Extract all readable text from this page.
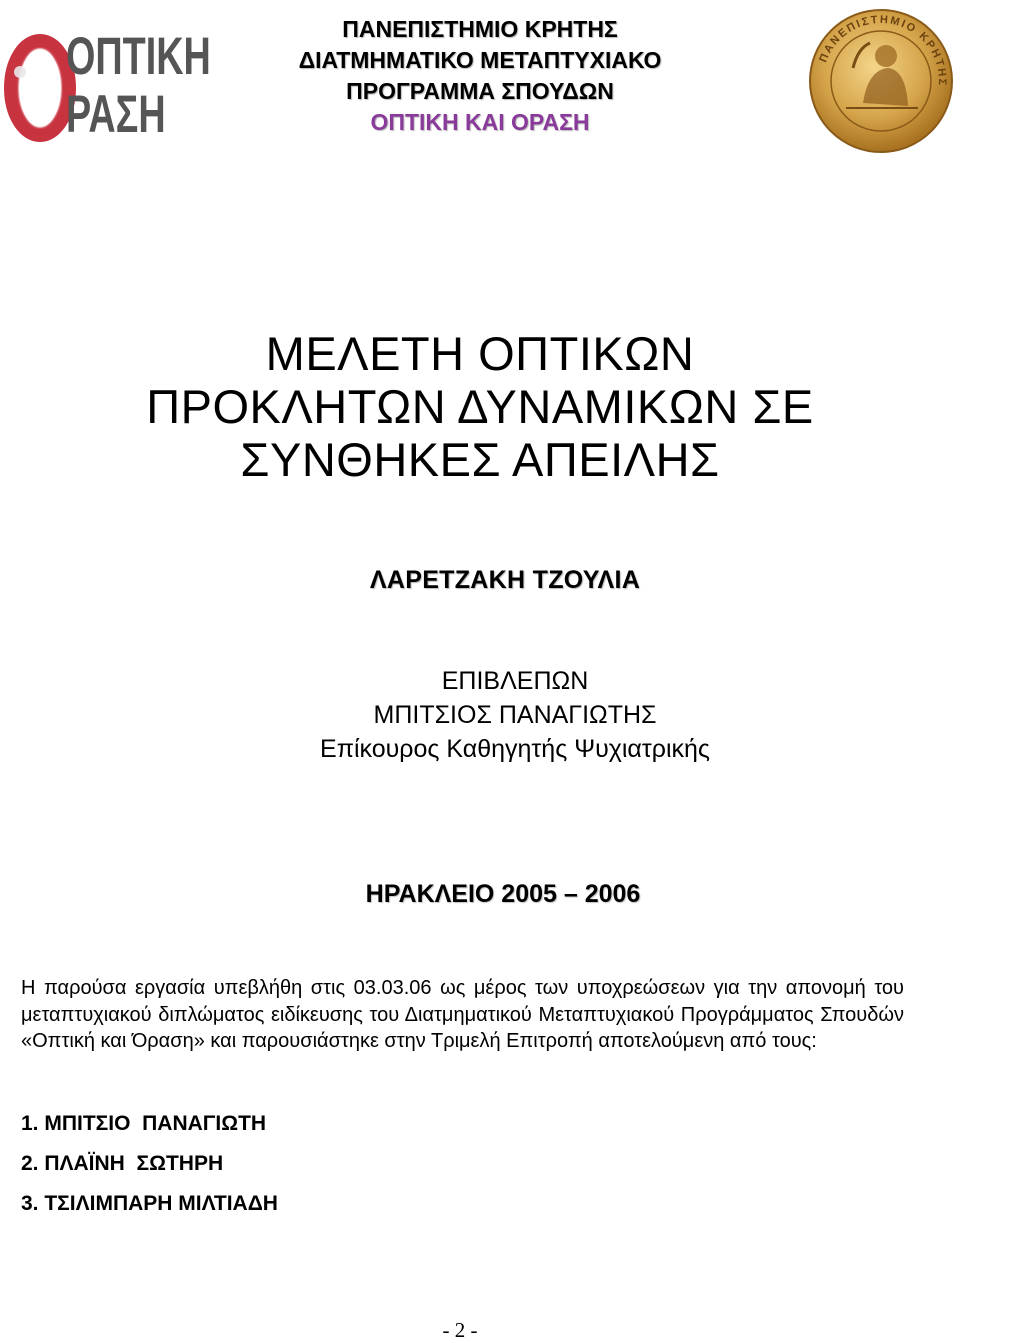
ΟΠΤΙΚΗ
ΡΑΣΗ
ΠΑΝΕΠΙΣΤΗΜΙΟ ΚΡΗΤΗΣ
ΠΑΝΕΠΙΣΤΗΜΙΟ ΚΡΗΤΗΣ
ΔΙΑΤΜΗΜΑΤΙΚΟ ΜΕΤΑΠΤΥΧΙΑΚΟ
ΠΡΟΓΡΑΜΜΑ ΣΠΟΥΔΩΝ
ΟΠΤΙΚΗ ΚΑΙ ΟΡΑΣΗ
ΜΕΛΕΤΗ ΟΠΤΙΚΩΝ
ΠΡΟΚΛΗΤΩΝ ΔΥΝΑΜΙΚΩΝ ΣΕ
ΣΥΝΘΗΚΕΣ ΑΠΕΙΛΗΣ
ΛΑΡΕΤΖΑΚΗ ΤΖΟΥΛΙΑ
ΕΠΙΒΛΕΠΩΝ
ΜΠΙΤΣΙΟΣ ΠΑΝΑΓΙΩΤΗΣ
Επίκουρος Καθηγητής Ψυχιατρικής
ΗΡΑΚΛΕΙΟ 2005 – 2006

Η παρούσα εργασία υπεβλήθη στις 03.03.06 ως μέρος των υποχρεώσεων για την απονομή του μεταπτυχιακού διπλώματος ειδίκευσης του Διατμηματικού Μεταπτυχιακού Προγράμματος Σπουδών «Οπτική και Όραση» και παρουσιάστηκε στην Τριμελή Επιτροπή αποτελούμενη από τους:

1. ΜΠΙΤΣΙΟ  ΠΑΝΑΓΙΩΤΗ
2. ΠΛΑΪΝΗ  ΣΩΤΗΡΗ
3. ΤΣΙΛΙΜΠΑΡΗ ΜΙΛΤΙΑΔΗ
- 2 -
